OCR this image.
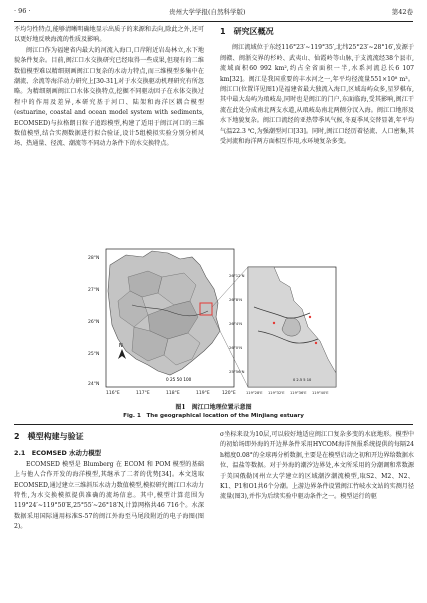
· 96 ·	贵州大学学报(自然科学版)	第42卷

不均匀性特点,能够清晰明确地显示出质子的来源和去向,除此之外,还可以更好地反映海流的性质及影响。

闽江口作为福建省内最大的河流入海口,口岸附近岩岛林立,水下地貌条件复杂。目前,闽江口水交换研究已经取得一些成果,但现有的二维数值模型难以精细刻画闽江口复杂的水动力特点,而三维模型多集中在潮流、余流等海洋动力研究上[30-31],对于水交换驱动机理研究有所忽略。为精细刻画闽江口水体交换特点,挖掘不同驱动因子在水体交换过程中的作用及差异,本研究基于河口、陆架和海洋区耦合模型(estuarine, coastal and ocean model system with sediments, ECOMSED)与拉格朗日粒子追踪模型,构建了适用于闽江河口的三维数值模型,结合实测数据进行拟合验证,设计5组模拟实验分别分析风场、热通量、径流、潮流等不同动力条件下的水交换特点。

1　研究区概况

闽江流域位于东经116°23′~119°35′,北纬25°23′~28°16′,发源于闽赣、闽浙交界的杉岭、武夷山、仙霞岭等山脉,于支流流经38个县市,流域面积60 992 km²,约占全省面积一半,水系河流总长6 107 km[32]。闽江是我国重要的丰水河之一,年平均径流量551×10⁸ m³。闽江口(位置详见图1)是福建省最大独流入海口,区域岛屿众多,星罗棋布,其中最大岛屿为琅岐岛,同时也是闽江的门户,东面临海,受其影响,闽江干流在此处分成南北两支水道,从琅岐岛南北两侧分汊入海。闽江口地形及水下地貌复杂。闽江口流经的亚热带季风气候,冬夏季风交替显著,年平均气温22.3 ℃,为强潮型河口[33]。同时,闽江口经历着径流、人口密集,其受河流和海洋两方面相互作用,水环境复杂多变。

N
0 25 50 100
116°E	117°E	118°E	119°E	120°E
28°N
27°N
26°N
25°N
24°N
0 2.5 5 10
26°12'N
26°8'N
26°4'N
26°0'N
25°56'N
119°28'E 119°32'E 119°36'E 119°40'E
图1　闽江口地理位置示意图
Fig. 1　The geographical location of the Minjiang estuary
2　模型构建与验证
2.1　ECOMSED 水动力模型

ECOMSED 模型是 Blumberg 在 ECOM 和 POM 模型的基础上与他人合作开发的海洋模型,其继承了二者的优势[34]。本文选取 ECOMSED,通过建立三维斜压水动力数值模型,模拟研究闽江口水动力特性,为水交换模拟提供准确的流场信息。其中,模型计算范围为119°24′~119°50′E,25°55′~26°18′N,计算网格共46 716个。水深数据采用国际通用标准S-57的闽江外海至马尾段附近的电子海图(图2)。

σ坐标来设为10层,可以较好地适应闽江口复杂多变的水底地形。模型中的初始场即外海的开边界条件采用HYCOM海洋预报系统提供的每隔24 h精度0.08°的全球再分析数据,主要是在模型启动之初和开边界给数据水位、温盐等数据。对于外海的潮汐边界处,本文所采用的分潮调和常数源于美国俄勒冈州立大学建立的区域潮汐潮流模型,取S2、M2、N2、K1、P1和O1共6个分潮。上游边界条件设置闽江竹岐水文站的实测月径流量(图3),并作为后续实验中驱动条件之一。模型运行的驱
